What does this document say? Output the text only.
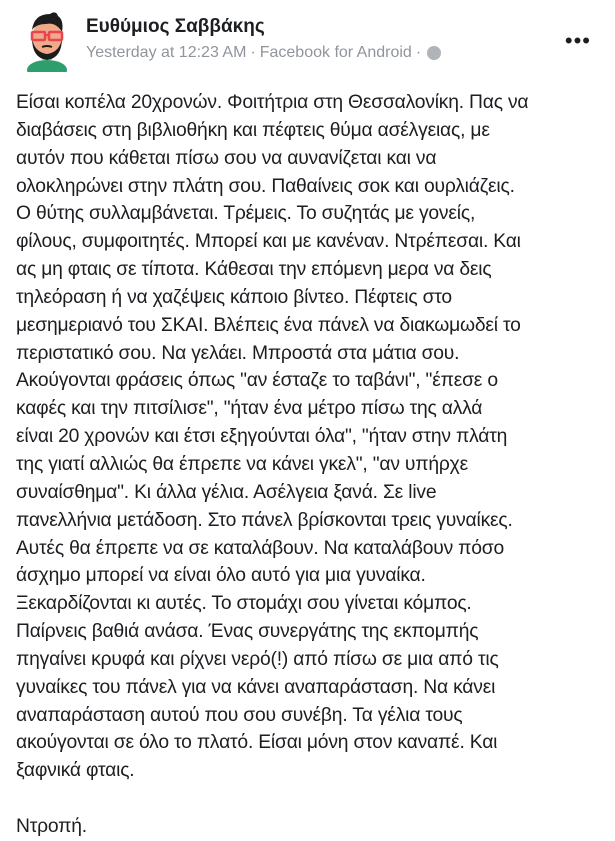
Ευθύμιος Σαββάκης
Yesterday at 12:23 AM · Facebook for Android ·	•••
Είσαι κοπέλα 20χρονών. Φοιτήτρια στη Θεσσαλονίκη. Πας να
διαβάσεις στη βιβλιοθήκη και πέφτεις θύμα ασέλγειας, με
αυτόν που κάθεται πίσω σου να αυνανίζεται και να
ολοκληρώνει στην πλάτη σου. Παθαίνεις σοκ και ουρλιάζεις.
Ο θύτης συλλαμβάνεται. Τρέμεις. Το συζητάς με γονείς,
φίλους, συμφοιτητές. Μπορεί και με κανέναν. Ντρέπεσαι. Και
ας μη φταις σε τίποτα. Κάθεσαι την επόμενη μερα να δεις
τηλεόραση ή να χαζέψεις κάποιο βίντεο. Πέφτεις στο
μεσημεριανό του ΣΚΑΙ. Βλέπεις ένα πάνελ να διακωμωδεί το
περιστατικό σου. Να γελάει. Μπροστά στα μάτια σου.
Ακούγονται φράσεις όπως "αν έσταζε το ταβάνι", "έπεσε ο
καφές και την πιτσίλισε", "ήταν ένα μέτρο πίσω της αλλά
είναι 20 χρονών και έτσι εξηγούνται όλα", "ήταν στην πλάτη
της γιατί αλλιώς θα έπρεπε να κάνει γκελ", "αν υπήρχε
συναίσθημα". Κι άλλα γέλια. Ασέλγεια ξανά. Σε live
πανελλήνια μετάδοση. Στο πάνελ βρίσκονται τρεις γυναίκες.
Αυτές θα έπρεπε να σε καταλάβουν. Να καταλάβουν πόσο
άσχημο μπορεί να είναι όλο αυτό για μια γυναίκα.
Ξεκαρδίζονται κι αυτές. Το στομάχι σου γίνεται κόμπος.
Παίρνεις βαθιά ανάσα. Ένας συνεργάτης της εκπομπής
πηγαίνει κρυφά και ρίχνει νερό(!) από πίσω σε μια από τις
γυναίκες του πάνελ για να κάνει αναπαράσταση. Να κάνει
αναπαράσταση αυτού που σου συνέβη. Τα γέλια τους
ακούγονται σε όλο το πλατό. Είσαι μόνη στον καναπέ. Και
ξαφνικά φταις.
Ντροπή.
